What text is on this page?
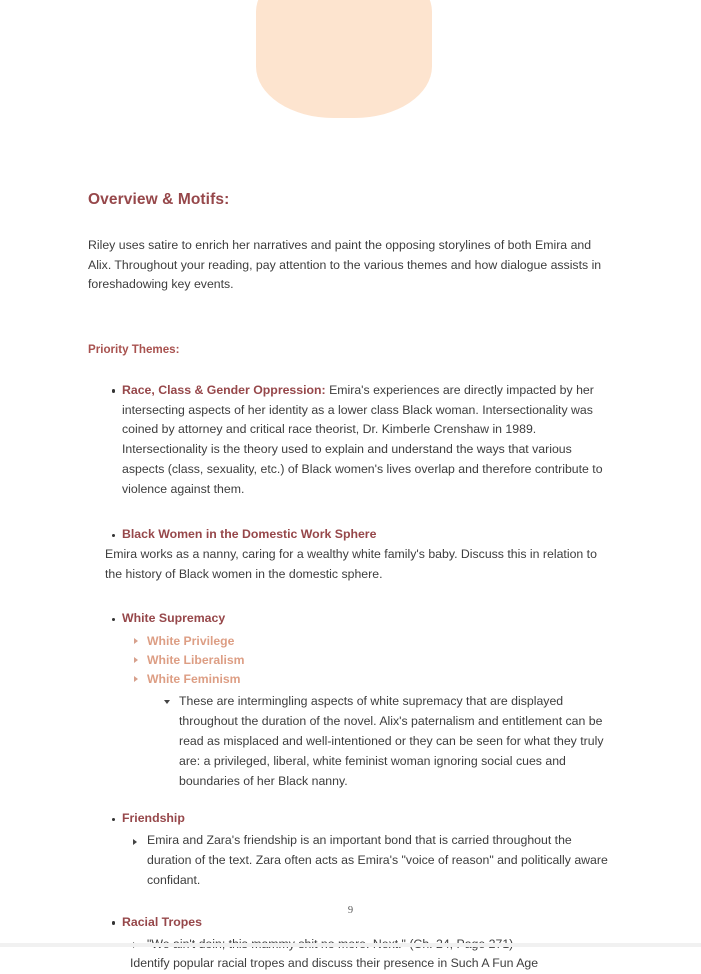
Overview & Motifs:

Riley uses satire to enrich her narratives and paint the opposing storylines of both Emira and Alix. Throughout your reading, pay attention to the various themes and how dialogue assists in foreshadowing key events.

Priority Themes:

Race, Class & Gender Oppression: Emira's experiences are directly impacted by her intersecting aspects of her identity as a lower class Black woman. Intersectionality was coined by attorney and critical race theorist, Dr. Kimberle Crenshaw in 1989. Intersectionality is the theory used to explain and understand the ways that various aspects (class, sexuality, etc.) of Black women's lives overlap and therefore contribute to violence against them.
Black Women in the Domestic Work Sphere
Emira works as a nanny, caring for a wealthy white family's baby. Discuss this in relation to the history of Black women in the domestic sphere.
White Supremacy
White Privilege
White Liberalism
White Feminism
These are intermingling aspects of white supremacy that are displayed throughout the duration of the novel. Alix's paternalism and entitlement can be read as misplaced and well-intentioned or they can be seen for what they truly are: a privileged, liberal, white feminist woman ignoring social cues and boundaries of her Black nanny.
Friendship
Emira and Zara's friendship is an important bond that is carried throughout the duration of the text. Zara often acts as Emira's "voice of reason" and politically aware confidant.
Racial Tropes
Identify popular racial tropes and discuss their presence in Such A Fun Age
9
